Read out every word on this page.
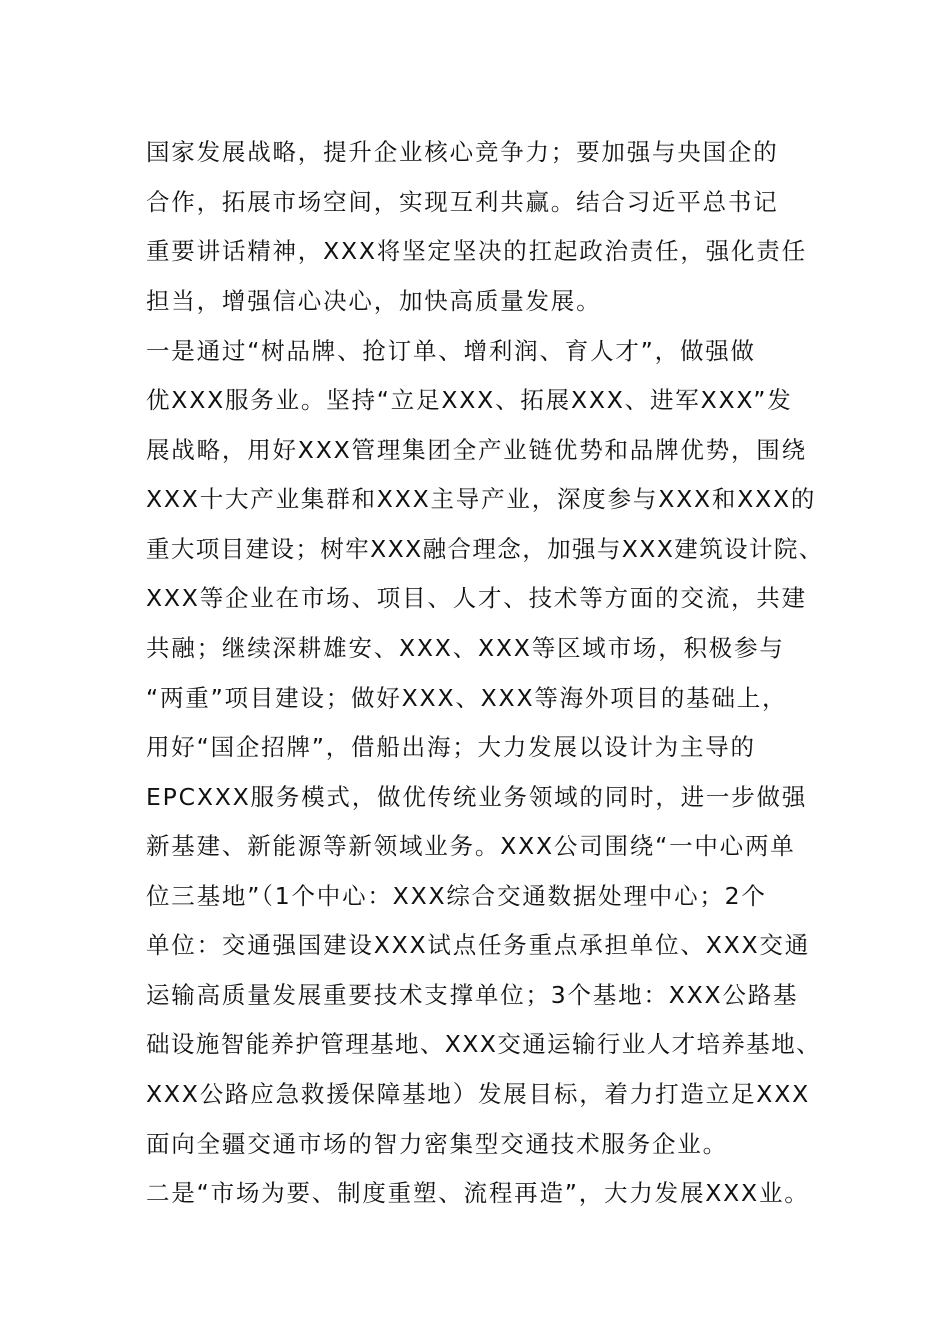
国家发展战略，提升企业核心竞争力；要加强与央国企的
合作，拓展市场空间，实现互利共赢。结合习近平总书记
重要讲话精神，XXX将坚定坚决的扛起政治责任，强化责任
担当，增强信心决心，加快高质量发展。
一是通过“树品牌、抢订单、增利润、育人才”，做强做
优XXX服务业。坚持“立足XXX、拓展XXX、进军XXX”发
展战略，用好XXX管理集团全产业链优势和品牌优势，围绕
XXX十大产业集群和XXX主导产业，深度参与XXX和XXX的
重大项目建设；树牢XXX融合理念，加强与XXX建筑设计院、
XXX等企业在市场、项目、人才、技术等方面的交流，共建
共融；继续深耕雄安、XXX、XXX等区域市场，积极参与
“两重”项目建设；做好XXX、XXX等海外项目的基础上，
用好“国企招牌”，借船出海；大力发展以设计为主导的
EPCXXX服务模式，做优传统业务领域的同时，进一步做强
新基建、新能源等新领域业务。XXX公司围绕“一中心两单
位三基地”（1个中心：XXX综合交通数据处理中心；2个
单位：交通强国建设XXX试点任务重点承担单位、XXX交通
运输高质量发展重要技术支撑单位；3个基地：XXX公路基
础设施智能养护管理基地、XXX交通运输行业人才培养基地、
XXX公路应急救援保障基地）发展目标，着力打造立足XXX
面向全疆交通市场的智力密集型交通技术服务企业。
二是“市场为要、制度重塑、流程再造”，大力发展XXX业。
